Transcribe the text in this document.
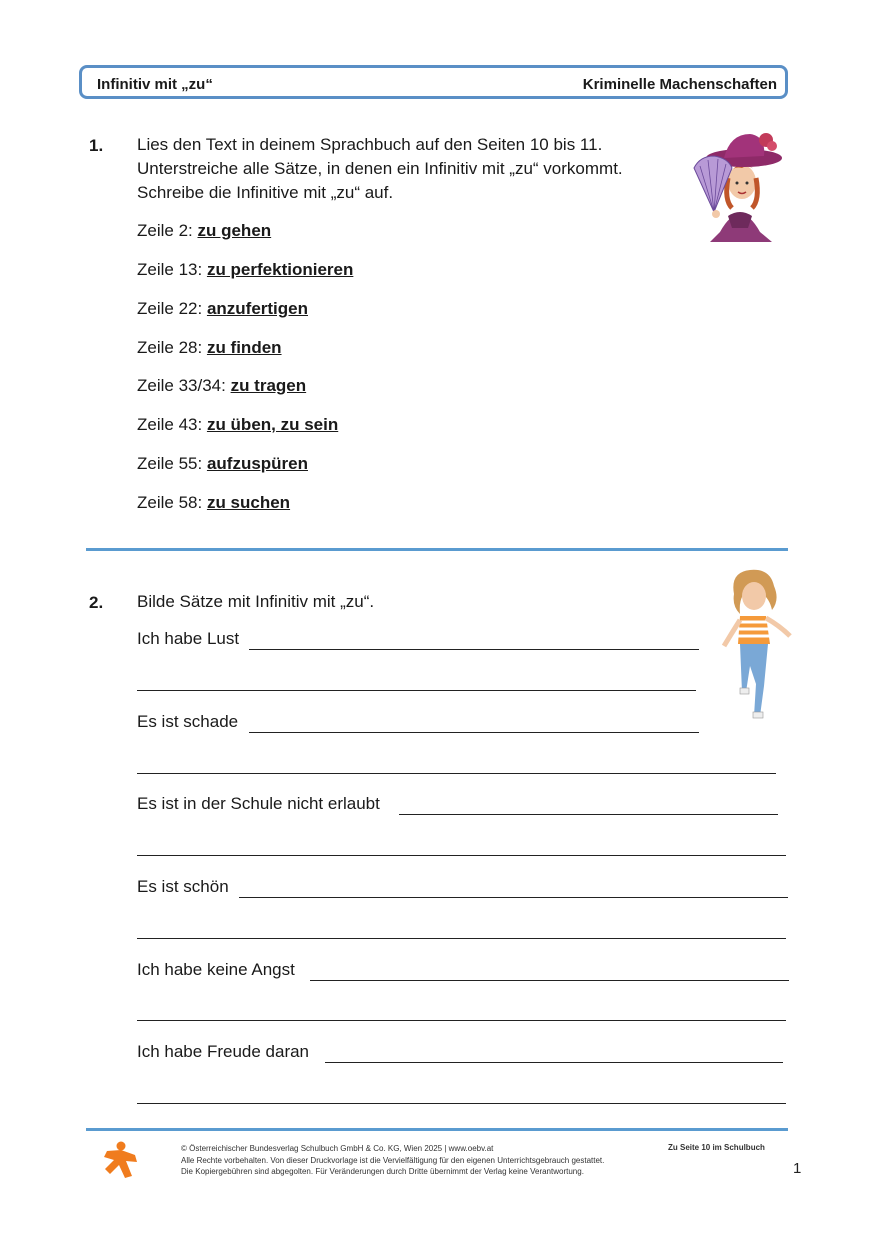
Infinitiv mit „zu“	Kriminelle Machenschaften
1. Lies den Text in deinem Sprachbuch auf den Seiten 10 bis 11.
Unterstreiche alle Sätze, in denen ein Infinitiv mit „zu“ vorkommt.
Schreibe die Infinitive mit „zu“ auf.
Zeile 2: zu gehen
Zeile 13: zu perfektionieren
Zeile 22: anzufertigen
Zeile 28: zu finden
Zeile 33/34: zu tragen
Zeile 43: zu üben, zu sein
Zeile 55: aufzuspüren
Zeile 58: zu suchen
2. Bilde Sätze mit Infinitiv mit „zu“.
Ich habe Lust
Es ist schade
Es ist in der Schule nicht erlaubt
Es ist schön
Ich habe keine Angst
Ich habe Freude daran
© Österreichischer Bundesverlag Schulbuch GmbH & Co. KG, Wien 2025 | www.oebv.at
Alle Rechte vorbehalten. Von dieser Druckvorlage ist die Vervielfältigung für den eigenen Unterrichtsgebrauch gestattet.
Die Kopiergebühren sind abgegolten. Für Veränderungen durch Dritte übernimmt der Verlag keine Verantwortung.
Zu Seite 10 im Schulbuch
1
